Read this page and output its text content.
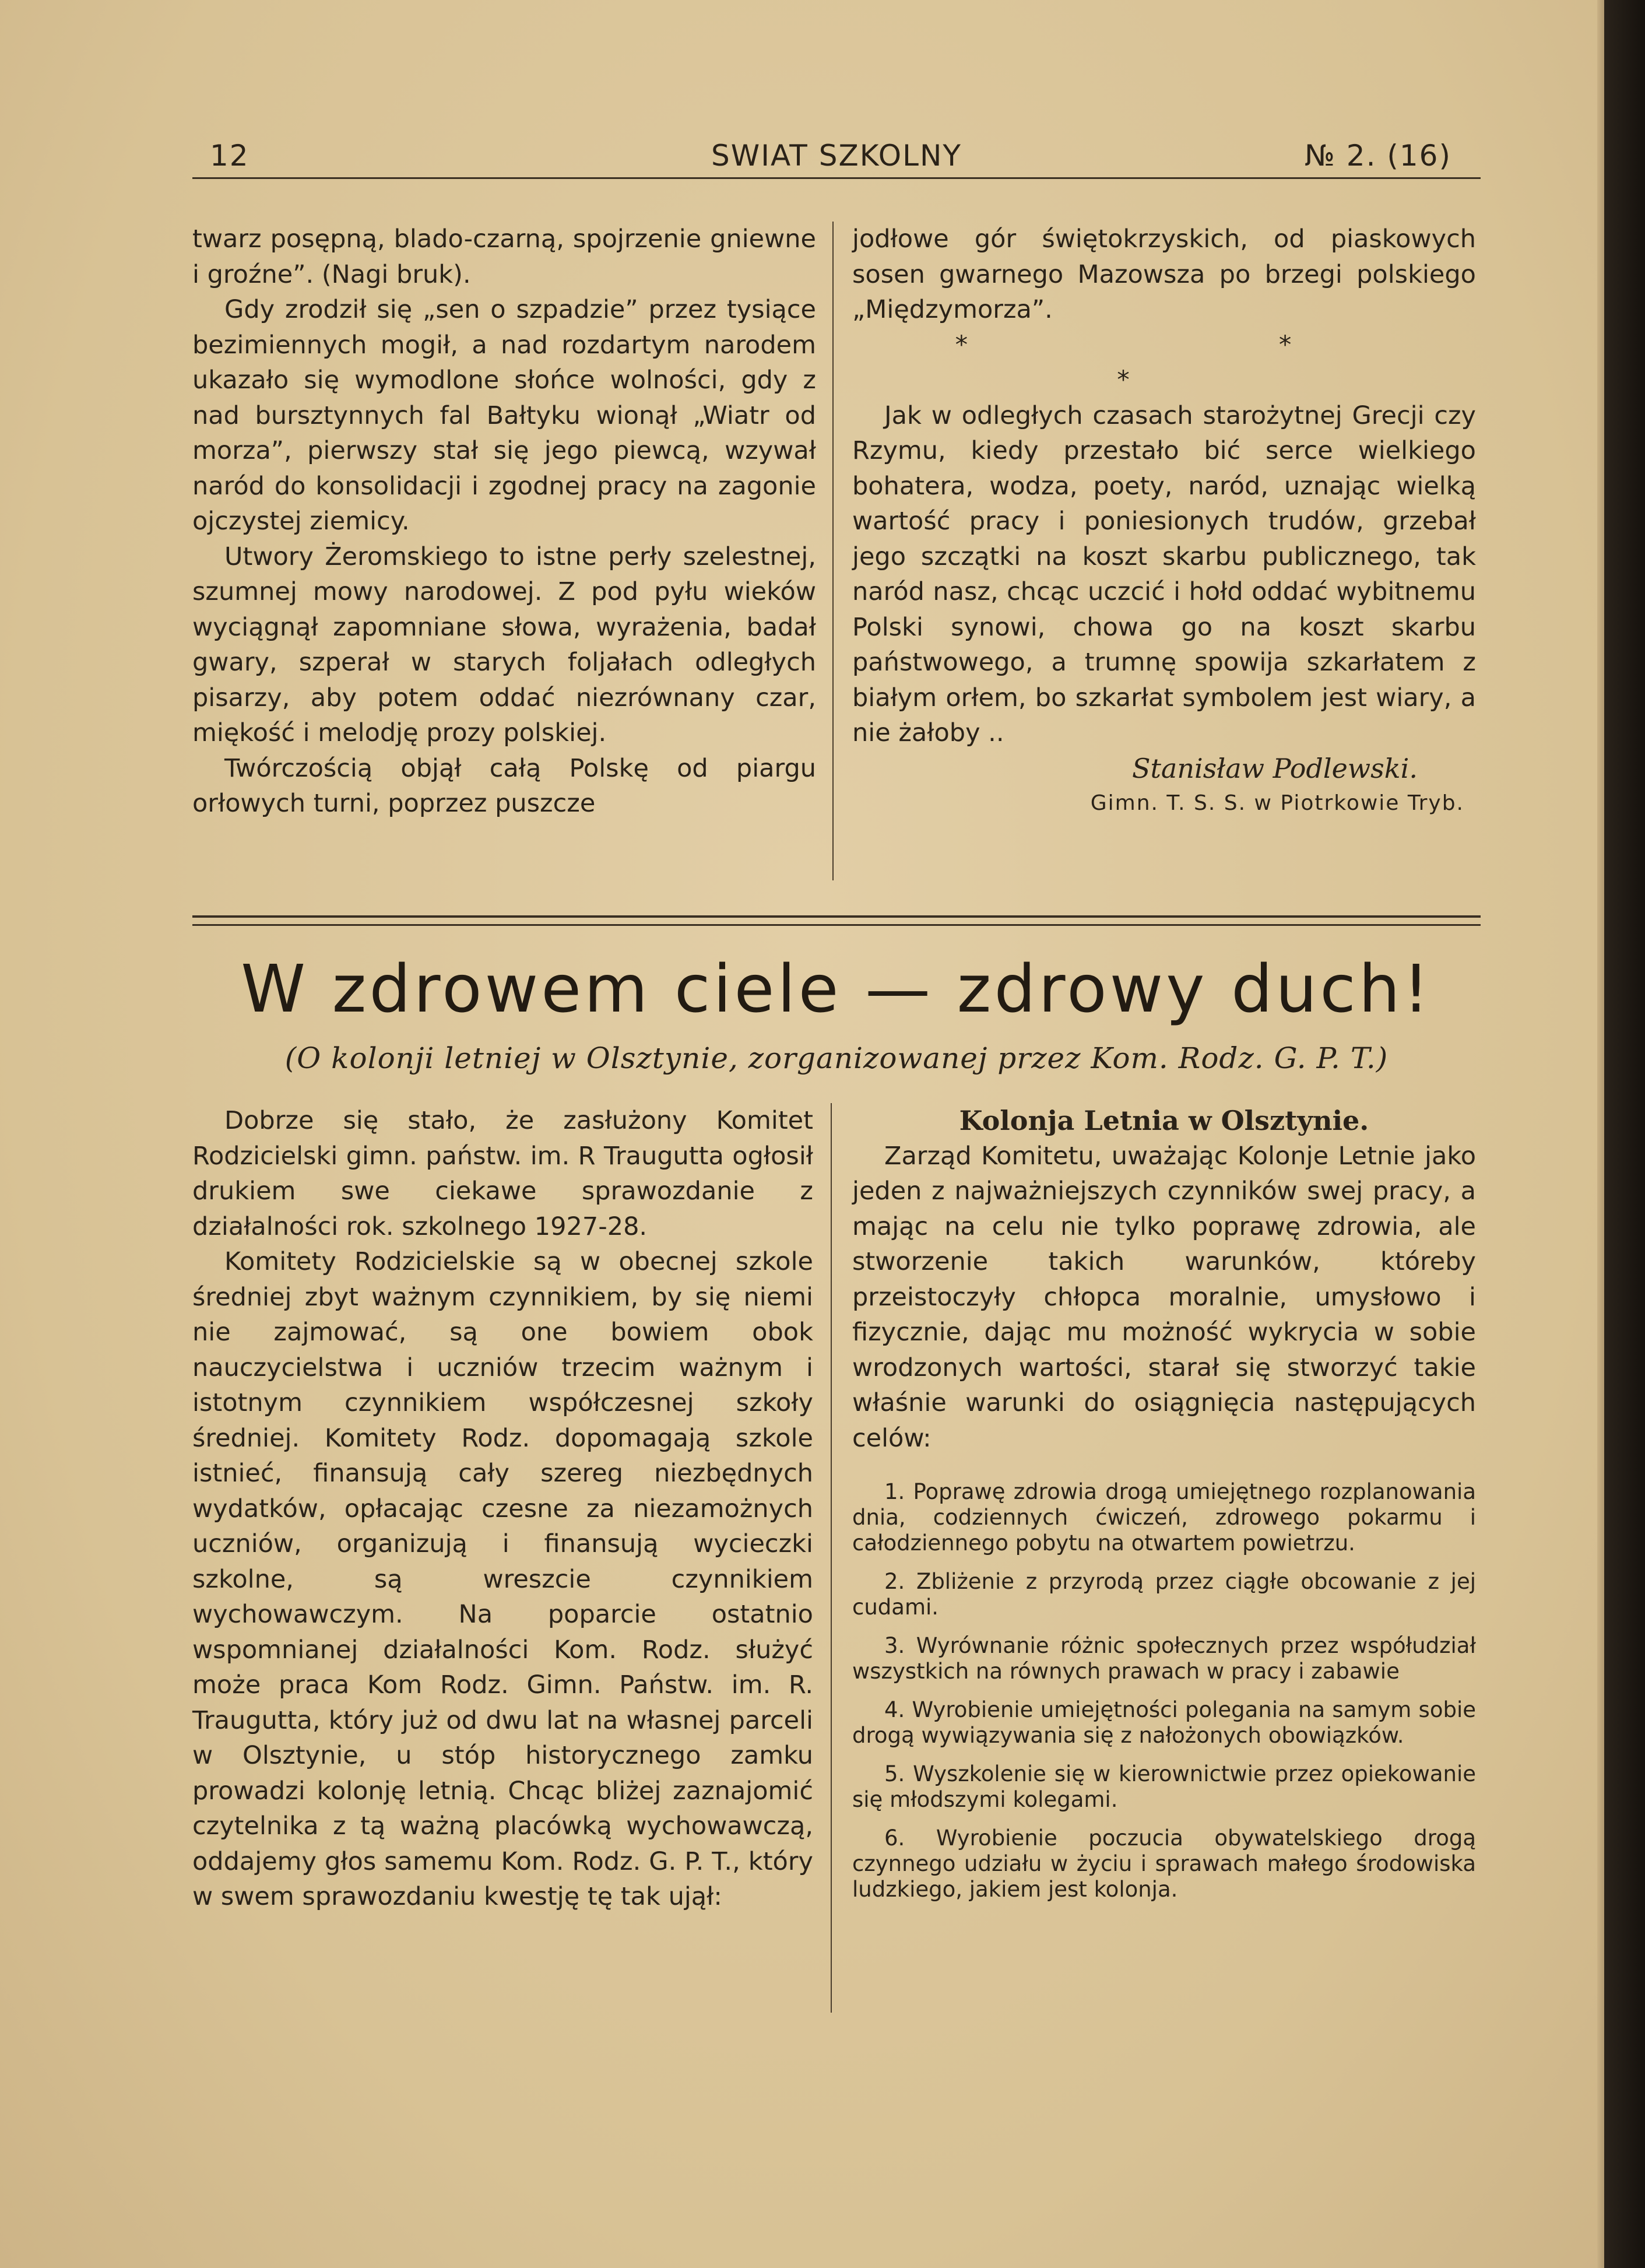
12	SWIAT SZKOLNY	№ 2. (16)

twarz posępną, blado-czarną, spojrzenie gniewne i groźne”. (Nagi bruk).

Gdy zrodził się „sen o szpadzie” przez tysiące bezimiennych mogił, a nad rozdartym narodem ukazało się wymodlone słońce wolności, gdy z nad bursztynnych fal Bałtyku wionął „Wiatr od morza”, pierwszy stał się jego piewcą, wzywał naród do konsolidacji i zgodnej pracy na zagonie ojczystej ziemicy.

Utwory Żeromskiego to istne perły szelestnej, szumnej mowy narodowej. Z pod pyłu wieków wyciągnął zapomniane słowa, wyrażenia, badał gwary, szperał w starych foljałach odległych pisarzy, aby potem oddać niezrównany czar, miękość i melodję prozy polskiej.

Twórczością objął całą Polskę od piargu orłowych turni, poprzez puszcze

jodłowe gór świętokrzyskich, od piaskowych sosen gwarnego Mazowsza po brzegi polskiego „Międzymorza”.

* * *

Jak w odległych czasach starożytnej Grecji czy Rzymu, kiedy przestało bić serce wielkiego bohatera, wodza, poety, naród, uznając wielką wartość pracy i poniesionych trudów, grzebał jego szczątki na koszt skarbu publicznego, tak naród nasz, chcąc uczcić i hołd oddać wybitnemu Polski synowi, chowa go na koszt skarbu państwowego, a trumnę spowija szkarłatem z białym orłem, bo szkarłat symbolem jest wiary, a nie żałoby ..

Stanisław Podlewski.

Gimn. T. S. S. w Piotrkowie Tryb.

W zdrowem ciele — zdrowy duch!
(O kolonji letniej w Olsztynie, zorganizowanej przez Kom. Rodz. G. P. T.)

Dobrze się stało, że zasłużony Komitet Rodzicielski gimn. państw. im. R Traugutta ogłosił drukiem swe ciekawe sprawozdanie z działalności rok. szkolnego 1927-28.

Komitety Rodzicielskie są w obecnej szkole średniej zbyt ważnym czynnikiem, by się niemi nie zajmować, są one bowiem obok nauczycielstwa i uczniów trzecim ważnym i istotnym czynnikiem współczesnej szkoły średniej. Komitety Rodz. dopomagają szkole istnieć, finansują cały szereg niezbędnych wydatków, opłacając czesne za niezamożnych uczniów, organizują i finansują wycieczki szkolne, są wreszcie czynnikiem wychowawczym. Na poparcie ostatnio wspomnianej działalności Kom. Rodz. służyć może praca Kom Rodz. Gimn. Państw. im. R. Traugutta, który już od dwu lat na własnej parceli w Olsztynie, u stóp historycznego zamku prowadzi kolonję letnią. Chcąc bliżej zaznajomić czytelnika z tą ważną placówką wychowawczą, oddajemy głos samemu Kom. Rodz. G. P. T., który w swem sprawozdaniu kwestję tę tak ujął:

Kolonja Letnia w Olsztynie.

Zarząd Komitetu, uważając Kolonje Letnie jako jeden z najważniejszych czynników swej pracy, a mając na celu nie tylko poprawę zdrowia, ale stworzenie takich warunków, któreby przeistoczyły chłopca moralnie, umysłowo i fizycznie, dając mu możność wykrycia w sobie wrodzonych wartości, starał się stworzyć takie właśnie warunki do osiągnięcia następujących celów:

1. Poprawę zdrowia drogą umiejętnego rozplanowania dnia, codziennych ćwiczeń, zdrowego pokarmu i całodziennego pobytu na otwartem powietrzu.

2. Zbliżenie z przyrodą przez ciągłe obcowanie z jej cudami.

3. Wyrównanie różnic społecznych przez współudział wszystkich na równych prawach w pracy i zabawie

4. Wyrobienie umiejętności polegania na samym sobie drogą wywiązywania się z nałożonych obowiązków.

5. Wyszkolenie się w kierownictwie przez opiekowanie się młodszymi kolegami.

6. Wyrobienie poczucia obywatelskiego drogą czynnego udziału w życiu i sprawach małego środowiska ludzkiego, jakiem jest kolonja.
